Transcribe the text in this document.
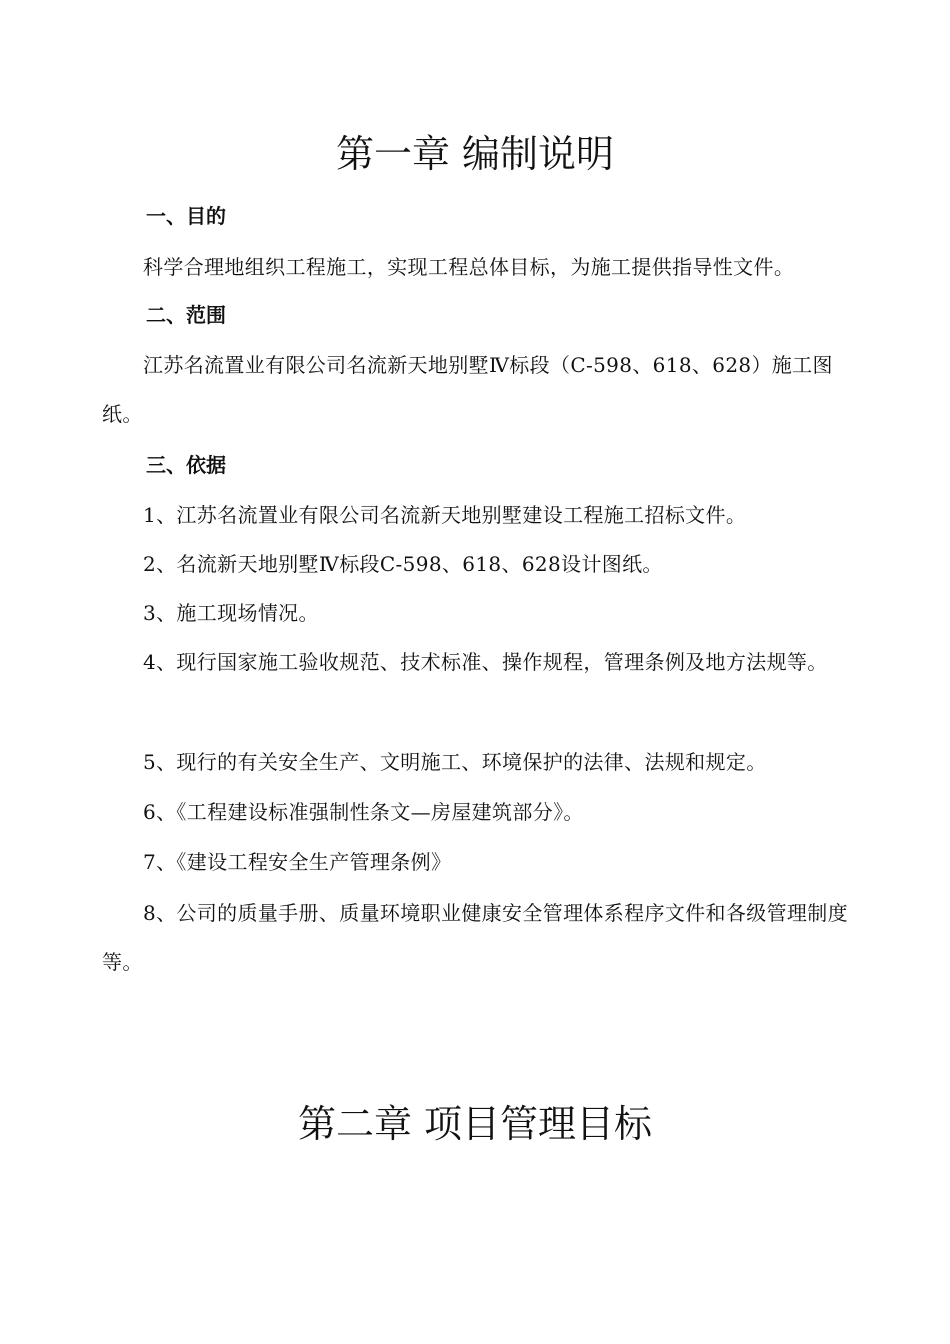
第一章 编制说明
一、目的

科学合理地组织工程施工，实现工程总体目标，为施工提供指导性文件。

二、范围

江苏名流置业有限公司名流新天地别墅Ⅳ标段（C-598、618、628）施工图纸。

三、依据

1、江苏名流置业有限公司名流新天地别墅建设工程施工招标文件。

2、名流新天地别墅Ⅳ标段C-598、618、628设计图纸。

3、施工现场情况。

4、现行国家施工验收规范、技术标准、操作规程，管理条例及地方法规等。

5、现行的有关安全生产、文明施工、环境保护的法律、法规和规定。

6、《工程建设标准强制性条文—房屋建筑部分》。

7、《建设工程安全生产管理条例》

8、公司的质量手册、质量环境职业健康安全管理体系程序文件和各级管理制度等。

第二章 项目管理目标
